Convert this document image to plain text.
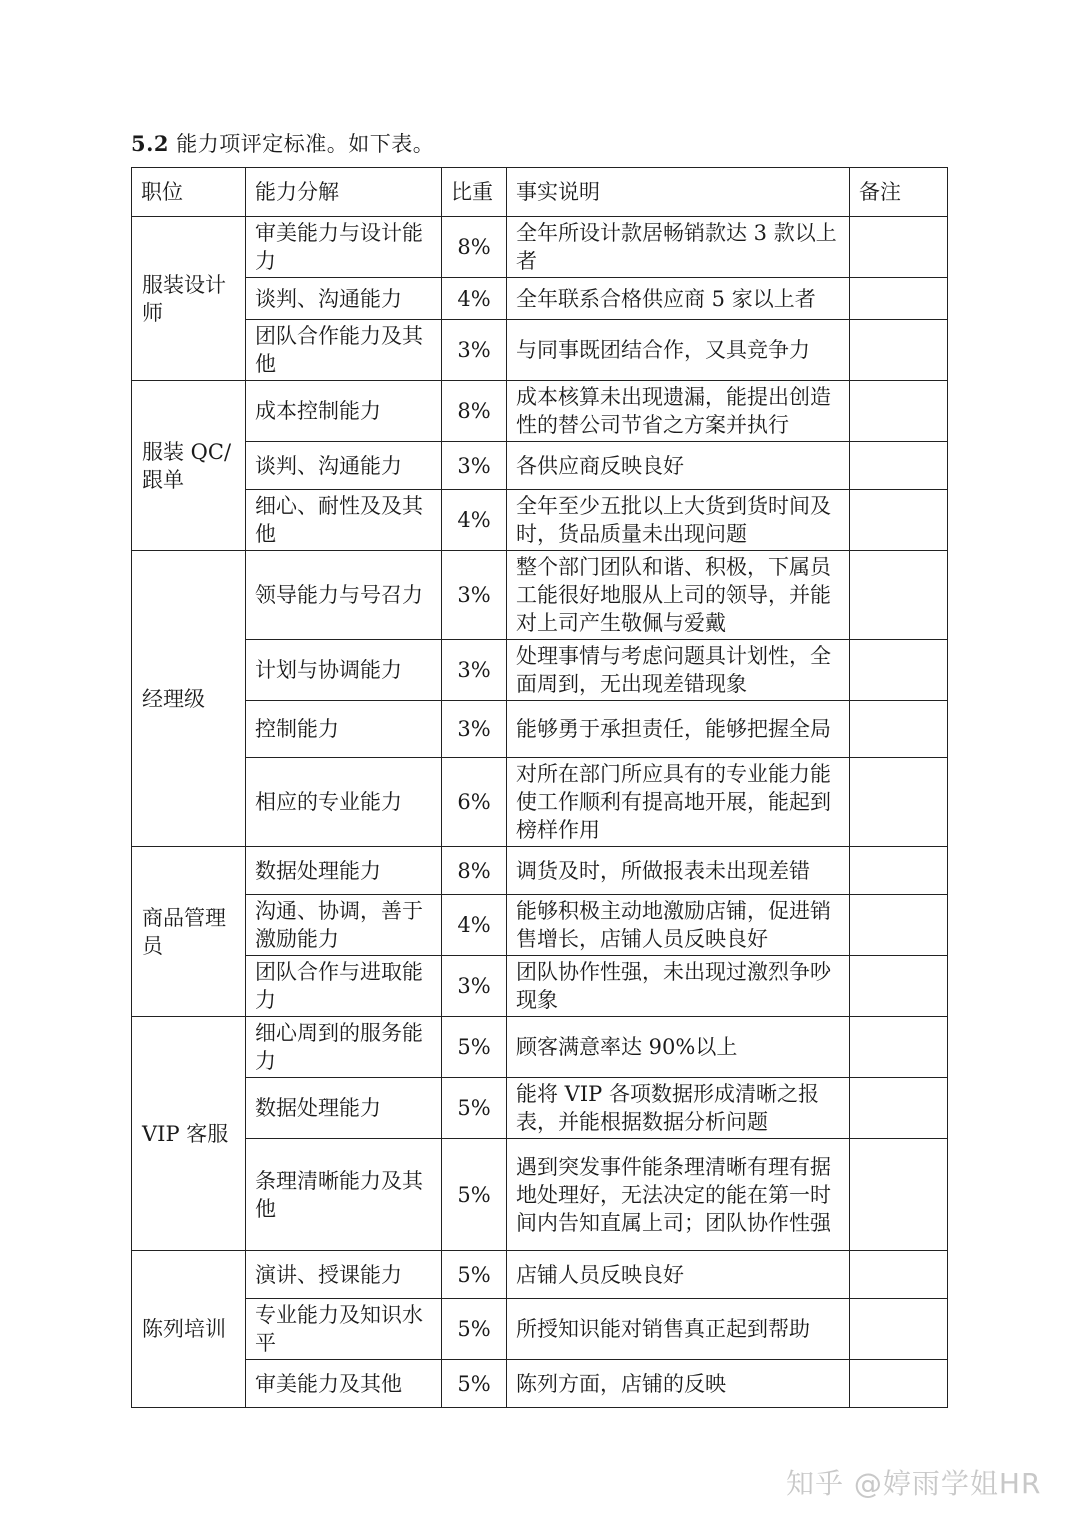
5.2 能力项评定标准。如下表。
职位	能力分解	比重	事实说明	备注
服装设计师	审美能力与设计能力	8%	全年所设计款居畅销款达 3 款以上者	
	谈判、沟通能力	4%	全年联系合格供应商 5 家以上者	
	团队合作能力及其他	3%	与同事既团结合作，又具竞争力	
服装 QC/跟单	成本控制能力	8%	成本核算未出现遗漏，能提出创造性的替公司节省之方案并执行	
	谈判、沟通能力	3%	各供应商反映良好	
	细心、耐性及及其他	4%	全年至少五批以上大货到货时间及时，货品质量未出现问题	
经理级	领导能力与号召力	3%	整个部门团队和谐、积极，下属员工能很好地服从上司的领导，并能对上司产生敬佩与爱戴	
	计划与协调能力	3%	处理事情与考虑问题具计划性，全面周到，无出现差错现象	
	控制能力	3%	能够勇于承担责任，能够把握全局	
	相应的专业能力	6%	对所在部门所应具有的专业能力能使工作顺利有提高地开展，能起到榜样作用	
商品管理员	数据处理能力	8%	调货及时，所做报表未出现差错	
	沟通、协调，善于激励能力	4%	能够积极主动地激励店铺，促进销售增长，店铺人员反映良好	
	团队合作与进取能力	3%	团队协作性强，未出现过激烈争吵现象	
VIP 客服	细心周到的服务能力	5%	顾客满意率达 90%以上	
	数据处理能力	5%	能将 VIP 各项数据形成清晰之报表，并能根据数据分析问题	
	条理清晰能力及其他	5%	遇到突发事件能条理清晰有理有据地处理好，无法决定的能在第一时间内告知直属上司；团队协作性强	
陈列培训	演讲、授课能力	5%	店铺人员反映良好	
	专业能力及知识水平	5%	所授知识能对销售真正起到帮助	
	审美能力及其他	5%	陈列方面，店铺的反映	
知乎 @婷雨学姐HR
